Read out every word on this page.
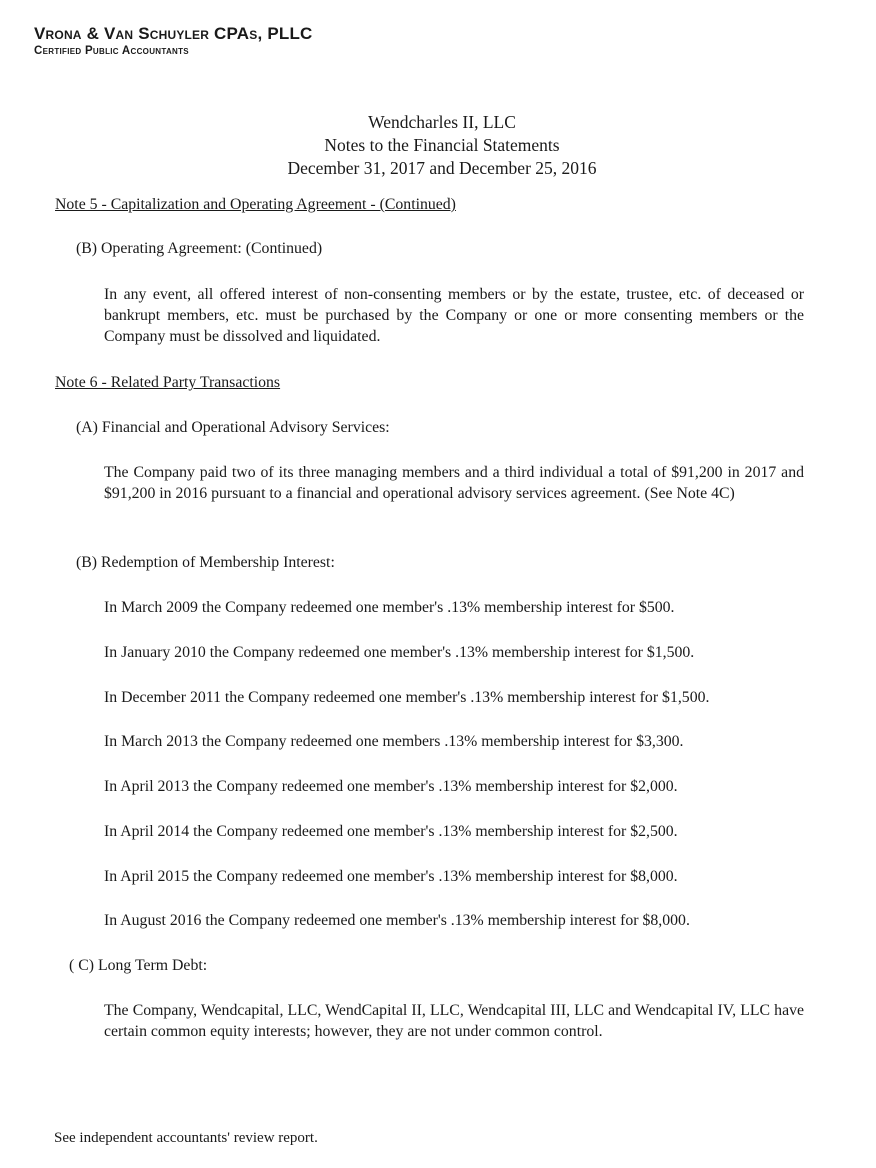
Vrona & Van Schuyler CPAs, PLLC
Certified Public Accountants
Wendcharles II, LLC
Notes to the Financial Statements
December 31, 2017 and December 25, 2016
Note 5 - Capitalization and Operating Agreement - (Continued)
(B) Operating Agreement: (Continued)
In any event, all offered interest of non-consenting members or by the estate, trustee, etc. of deceased or bankrupt members, etc. must be purchased by the Company or one or more consenting members or the Company must be dissolved and liquidated.
Note 6 - Related Party Transactions
(A) Financial and Operational Advisory Services:
The Company paid two of its three managing members and a third individual a total of $91,200 in 2017 and $91,200 in 2016 pursuant to a financial and operational advisory services agreement. (See Note 4C)
(B) Redemption of Membership Interest:
In March 2009 the Company redeemed one member's .13% membership interest for $500.
In January 2010 the Company redeemed one member's .13% membership interest for $1,500.
In December 2011 the Company redeemed one member's .13% membership interest for $1,500.
In March 2013 the Company redeemed one members .13% membership interest for $3,300.
In April 2013 the Company redeemed one member's .13% membership interest for $2,000.
In April 2014 the Company redeemed one member's .13% membership interest for $2,500.
In April 2015 the Company redeemed one member's .13% membership interest for $8,000.
In August 2016 the Company redeemed one member's .13% membership interest for $8,000.
( C) Long Term Debt:
The Company, Wendcapital, LLC, WendCapital II, LLC, Wendcapital III, LLC and Wendcapital IV, LLC have certain common equity interests; however, they are not under common control.
See independent accountants' review report.
